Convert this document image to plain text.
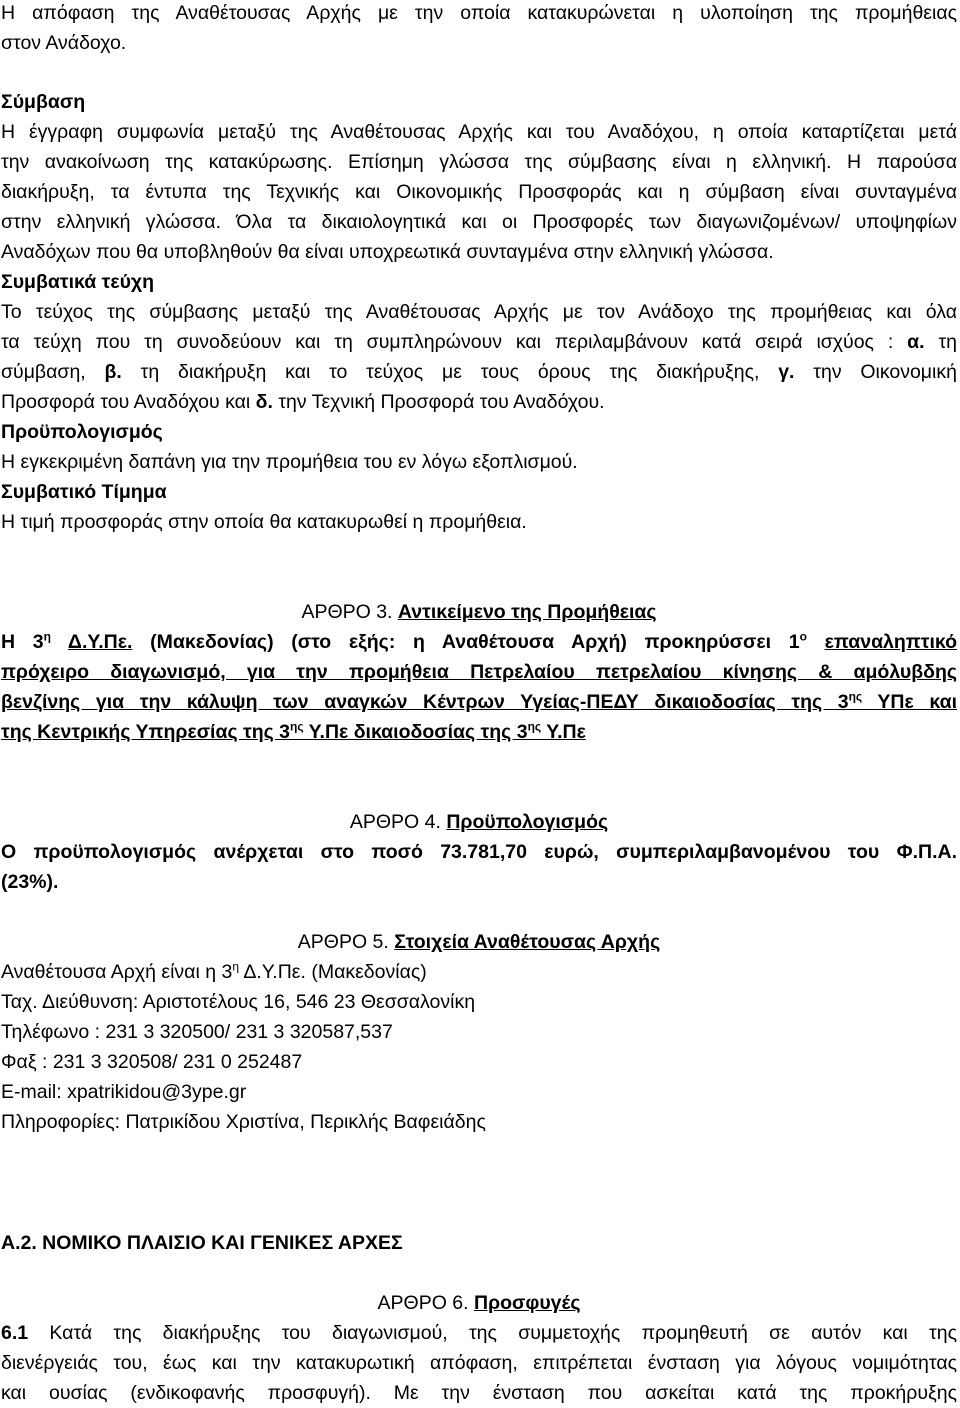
Η απόφαση της Αναθέτουσας Αρχής με την οποία κατακυρώνεται η υλοποίηση της προμήθειας
στον Ανάδοχο.
Σύμβαση
Η έγγραφη συμφωνία μεταξύ της Αναθέτουσας Αρχής και του Αναδόχου, η οποία καταρτίζεται μετά
την ανακοίνωση της κατακύρωσης. Επίσημη γλώσσα της σύμβασης είναι η ελληνική. Η παρούσα
διακήρυξη, τα έντυπα της Τεχνικής και Οικονομικής Προσφοράς και η σύμβαση είναι συνταγμένα
στην ελληνική γλώσσα. Όλα τα δικαιολογητικά και οι Προσφορές των διαγωνιζομένων/ υποψηφίων
Αναδόχων που θα υποβληθούν θα είναι υποχρεωτικά συνταγμένα στην ελληνική γλώσσα.
Συμβατικά τεύχη
Το τεύχος της σύμβασης μεταξύ της Αναθέτουσας Αρχής με τον Ανάδοχο της προμήθειας και όλα
τα τεύχη που τη συνοδεύουν και τη συμπληρώνουν και περιλαμβάνουν κατά σειρά ισχύος : α. τη
σύμβαση, β. τη διακήρυξη και το τεύχος με τους όρους της διακήρυξης, γ. την Οικονομική
Προσφορά του Αναδόχου και δ. την Τεχνική Προσφορά του Αναδόχου.
Προϋπολογισμός
Η εγκεκριμένη δαπάνη για την προμήθεια του εν λόγω εξοπλισμού.
Συμβατικό Τίμημα
Η τιμή προσφοράς στην οποία θα κατακυρωθεί η προμήθεια.
ΑΡΘΡΟ 3. Αντικείμενο της Προμήθειας
Η $3^\eta$ Δ.Υ.Πε. (Μακεδονίας) (στο εξής: η Αναθέτουσα Αρχή) προκηρύσσει $1^o$ επαναληπτικό
πρόχειρο διαγωνισμό, για την προμήθεια Πετρελαίου πετρελαίου κίνησης & αμόλυβδης
βενζίνης για την κάλυψη των αναγκών Κέντρων Υγείας-ΠΕΔΥ δικαιοδοσίας της $3^{\eta\varsigma}$ ΥΠε και
της Κεντρικής Υπηρεσίας της $3^{\eta\varsigma}$ Υ.Πε δικαιοδοσίας της $3^{\eta\varsigma}$ Υ.Πε
ΑΡΘΡΟ 4. Προϋπολογισμός
Ο προϋπολογισμός ανέρχεται στο ποσό 73.781,70 ευρώ, συμπεριλαμβανομένου του Φ.Π.Α.
(23%).
ΑΡΘΡΟ 5. Στοιχεία Αναθέτουσας Αρχής
Αναθέτουσα Αρχή είναι η $3^\eta$ Δ.Υ.Πε. (Μακεδονίας)
Ταχ. Διεύθυνση: Αριστοτέλους 16, 546 23 Θεσσαλονίκη
Τηλέφωνο : 231 3 320500/ 231 3 320587,537
Φαξ : 231 3 320508/ 231 0 252487
E-mail: xpatrikidou@3ype.gr
Πληροφορίες: Πατρικίδου Χριστίνα, Περικλής Βαφειάδης
Α.2. ΝΟΜΙΚΟ ΠΛΑΙΣΙΟ ΚΑΙ ΓΕΝΙΚΕΣ ΑΡΧΕΣ
ΑΡΘΡΟ 6. Προσφυγές
6.1 Κατά της διακήρυξης του διαγωνισμού, της συμμετοχής προμηθευτή σε αυτόν και της
διενέργειάς του, έως και την κατακυρωτική απόφαση, επιτρέπεται ένσταση για λόγους νομιμότητας
και ουσίας (ενδικοφανής προσφυγή). Με την ένσταση που ασκείται κατά της προκήρυξης
